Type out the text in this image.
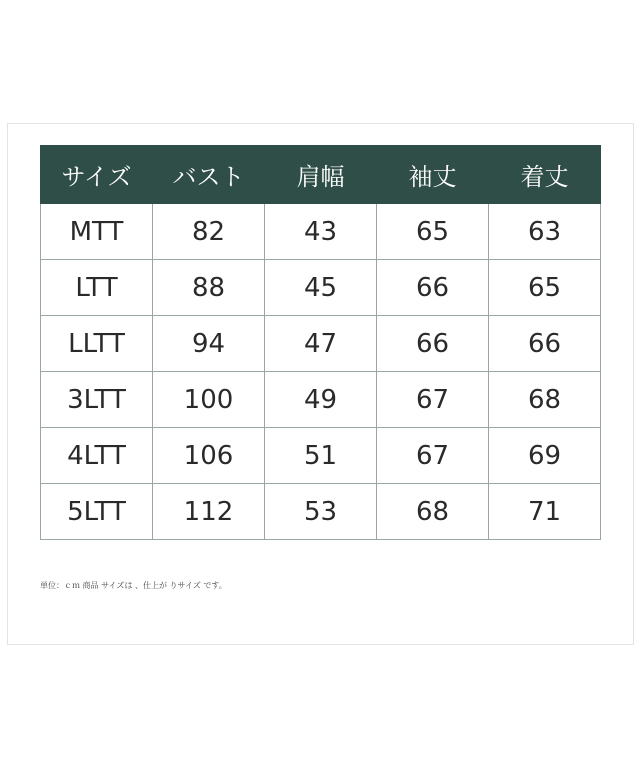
サイズ	バスト	肩幅	袖丈	着丈
MTT	82	43	65	63
LTT	88	45	66	65
LLTT	94	47	66	66
3LTT	100	49	67	68
4LTT	106	51	67	69
5LTT	112	53	68	71
単位：ｃｍ 商品 サイズは 、仕上が りサイズ です。
